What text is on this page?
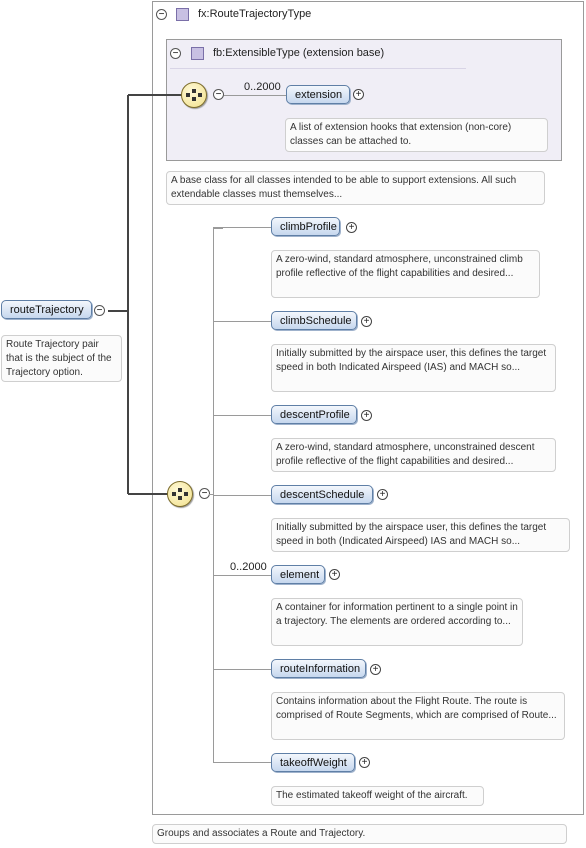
−	fx:RouteTrajectoryType
−	fb:ExtensibleType (extension base)
−
0..2000
extension	+
A list of extension hooks that extension (non-core) classes can be attached to.
A base class for all classes intended to be able to support extensions. All such extendable classes must themselves...
routeTrajectory	−
Route Trajectory pair that is the subject of the Trajectory option.
−
climbProfile	+
A zero-wind, standard atmosphere, unconstrained climb profile reflective of the flight capabilities and desired...
climbSchedule	+
Initially submitted by the airspace user, this defines the target speed in both Indicated Airspeed (IAS) and MACH so...
descentProfile	+
A zero-wind, standard atmosphere, unconstrained descent profile reflective of the flight capabilities and desired...
descentSchedule	+
Initially submitted by the airspace user, this defines the target speed in both (Indicated Airspeed) IAS and MACH so...
0..2000
element	+
A container for information pertinent to a single point in a trajectory. The elements are ordered according to...
routeInformation	+
Contains information about the Flight Route. The route is comprised of Route Segments, which are comprised of Route...
takeoffWeight	+
The estimated takeoff weight of the aircraft.
Groups and associates a Route and Trajectory.
